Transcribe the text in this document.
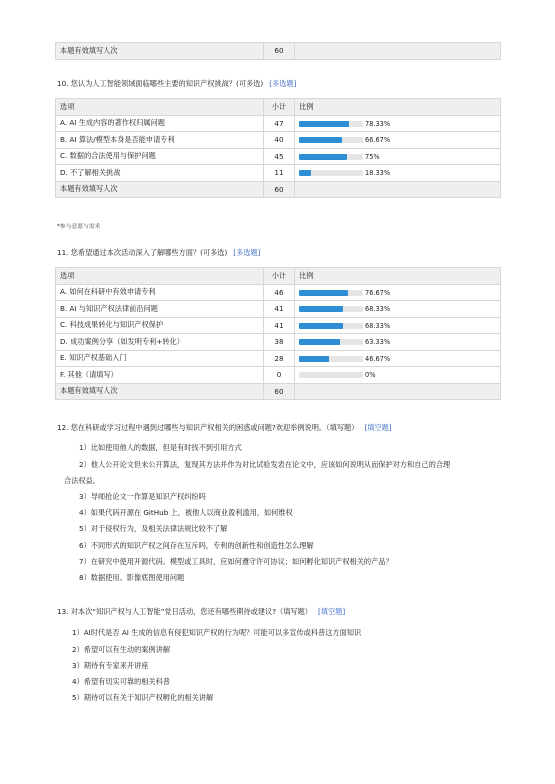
本题有效填写人次	60	
10. 您认为人工智能领域面临哪些主要的知识产权挑战？(可多选) [多选题]
选项	小计	比例
A. AI 生成内容的著作权归属问题	47	78.33%
B. AI 算法/模型本身是否能申请专利	40	66.67%
C. 数据的合法使用与保护问题	45	75%
D. 不了解相关挑战	11	18.33%
本题有效填写人次	60	
*参与意愿与需求
11. 您希望通过本次活动深入了解哪些方面？(可多选) [多选题]
选项	小计	比例
A. 如何在科研中有效申请专利	46	76.67%
B. AI 与知识产权法律前沿问题	41	68.33%
C. 科技成果转化与知识产权保护	41	68.33%
D. 成功案例分享（如发明专利+转化）	38	63.33%
E. 知识产权基础入门	28	46.67%
F. 其他（请填写）	0	0%
本题有效填写人次	60	
12. 您在科研或学习过程中遇到过哪些与知识产权相关的困惑或问题?欢迎举例说明。（填写题） [填空题]
1）比如使用他人的数据，但是有时找不到引用方式
2）他人公开论文但未公开算法，复现其方法并作为对比试验发表在论文中，应该如何说明从而保护对方和自己的合理
合法权益。
3）导师抢论文一作算是知识产权纠纷吗
4）如果代码开源在 GitHub 上，被他人以商业盈利滥用，如何维权
5）对于侵权行为，及相关法律法规比较不了解
6）不同形式的知识产权之间存在互斥吗，专利的创新性和创造性怎么理解
7）在研究中使用开源代码、模型或工具时，应如何遵守许可协议；如何孵化知识产权相关的产品？
8）数据使用、影像底图使用问题
13. 对本次“知识产权与人工智能”党日活动，您还有哪些期待或建议?（填写题） [填空题]
1）AI时代是否 AI 生成的信息有侵犯知识产权的行为呢？可能可以多宣传或科普这方面知识
2）希望可以有生动的案例讲解
3）期待有专家来开讲座
4）希望有切实可靠的相关科普
5）期待可以有关于知识产权孵化的相关讲解
